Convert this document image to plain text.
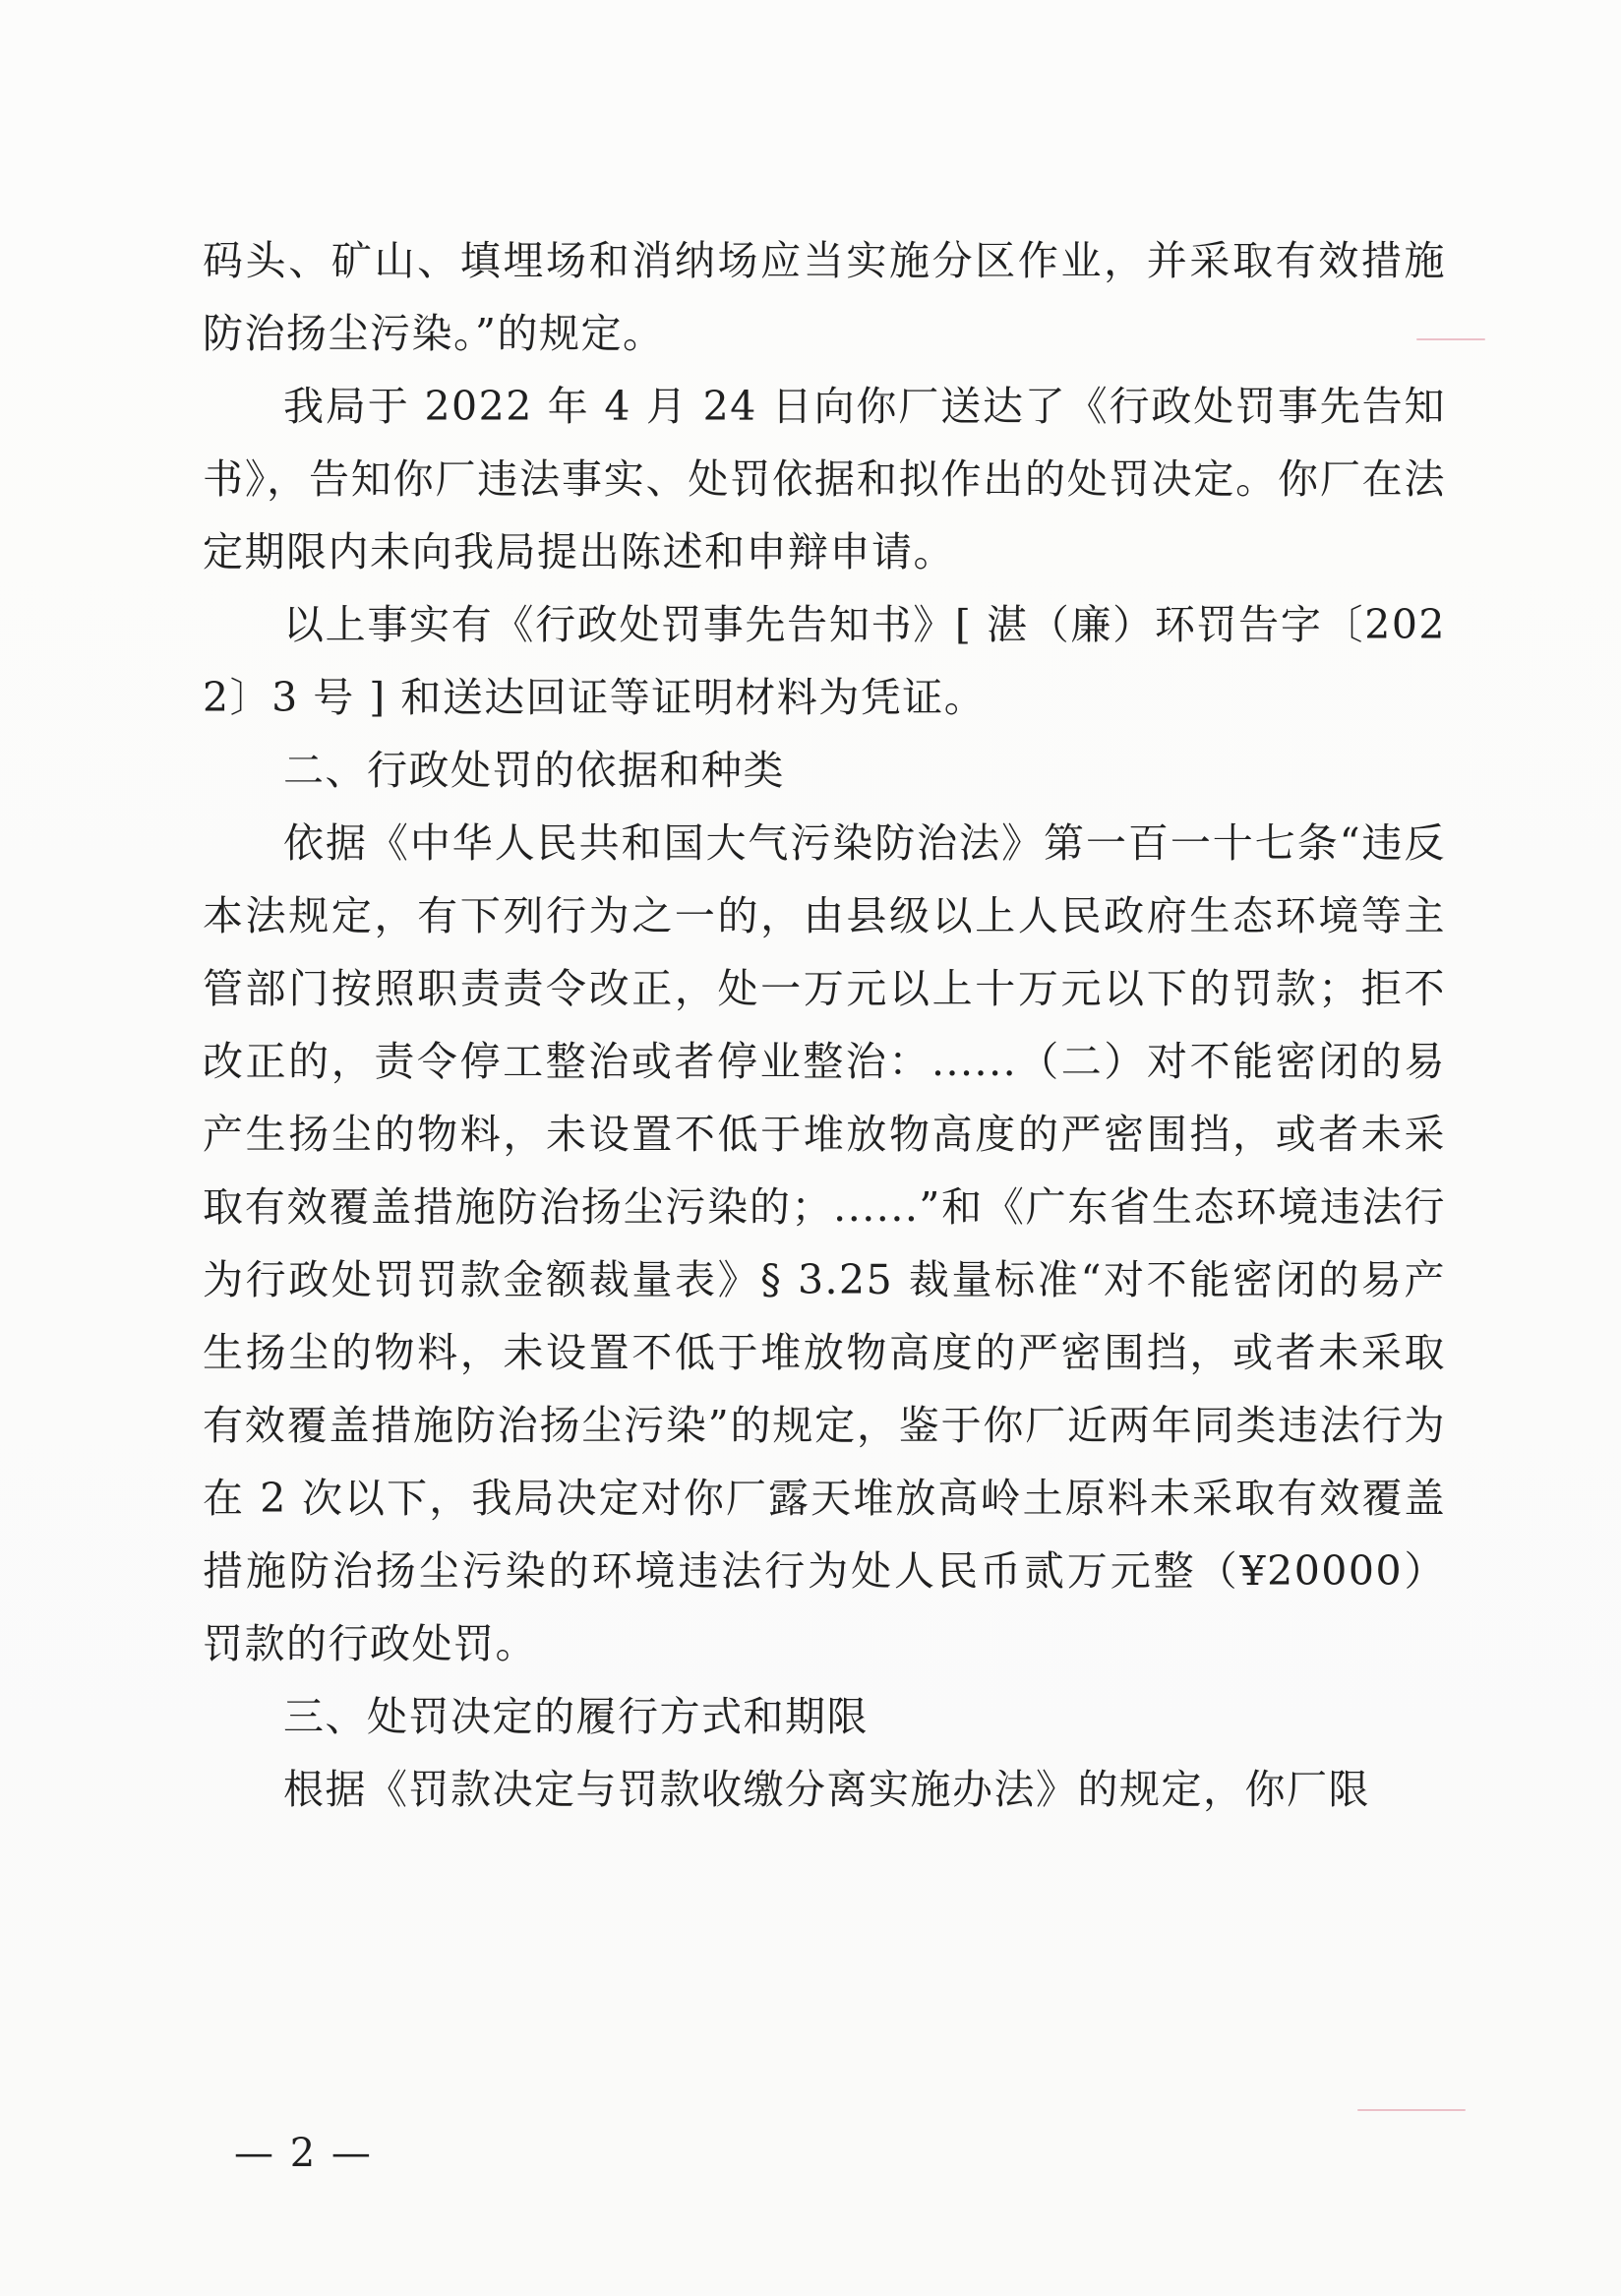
码头、矿山、填埋场和消纳场应当实施分区作业，并采取有效措施防治扬尘污染。”的规定。

我局于 2022 年 4 月 24 日向你厂送达了《行政处罚事先告知书》，告知你厂违法事实、处罚依据和拟作出的处罚决定。你厂在法定期限内未向我局提出陈述和申辩申请。

以上事实有《行政处罚事先告知书》[ 湛（廉）环罚告字〔2022〕3 号 ] 和送达回证等证明材料为凭证。

二、行政处罚的依据和种类

依据《中华人民共和国大气污染防治法》第一百一十七条“违反本法规定，有下列行为之一的，由县级以上人民政府生态环境等主管部门按照职责责令改正，处一万元以上十万元以下的罚款；拒不改正的，责令停工整治或者停业整治：......（二）对不能密闭的易产生扬尘的物料，未设置不低于堆放物高度的严密围挡，或者未采取有效覆盖措施防治扬尘污染的；......”和《广东省生态环境违法行为行政处罚罚款金额裁量表》§ 3.25 裁量标准“对不能密闭的易产生扬尘的物料，未设置不低于堆放物高度的严密围挡，或者未采取有效覆盖措施防治扬尘污染”的规定，鉴于你厂近两年同类违法行为在 2 次以下，我局决定对你厂露天堆放高岭土原料未采取有效覆盖措施防治扬尘污染的环境违法行为处人民币贰万元整（¥20000）罚款的行政处罚。

三、处罚决定的履行方式和期限

根据《罚款决定与罚款收缴分离实施办法》的规定，你厂限

— 2 —
